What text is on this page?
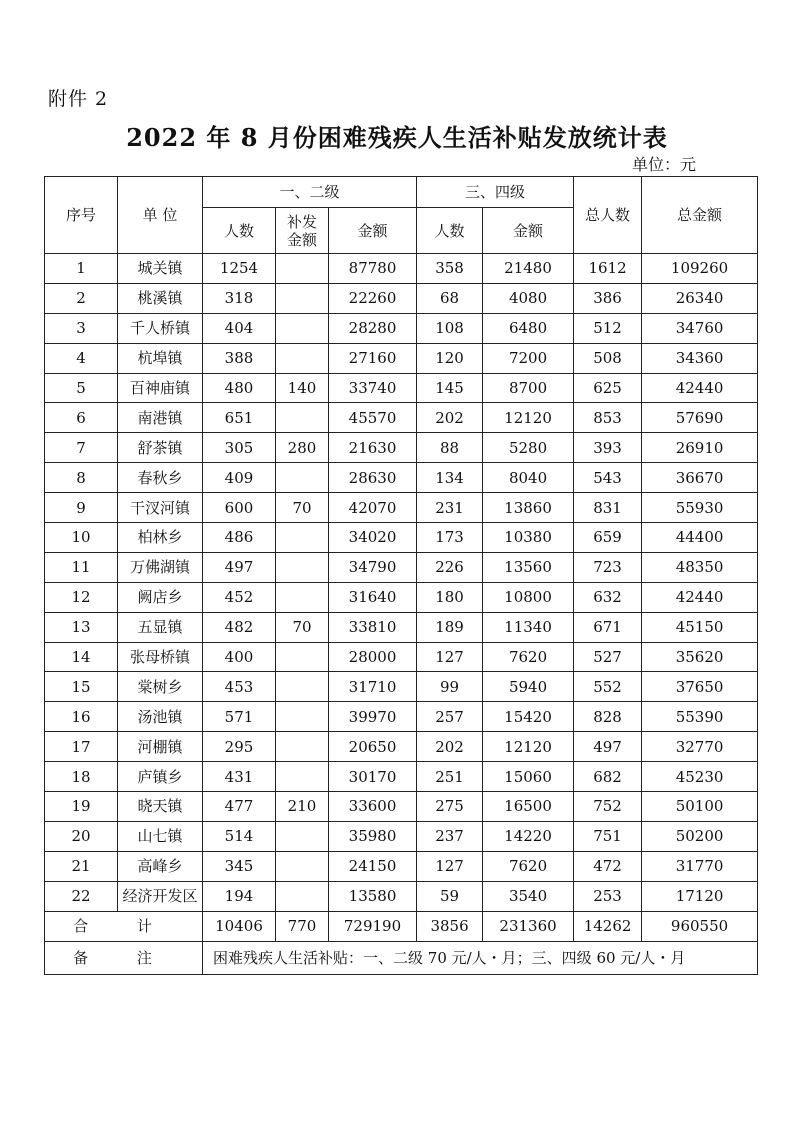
附件 2
2022 年 8 月份困难残疾人生活补贴发放统计表
单位：元
序号	单 位	一、二级			三、四级		总人数	总金额
		人数	补发金额	金额	人数	金额		
1	城关镇	1254		87780	358	21480	1612	109260
2	桃溪镇	318		22260	68	4080	386	26340
3	千人桥镇	404		28280	108	6480	512	34760
4	杭埠镇	388		27160	120	7200	508	34360
5	百神庙镇	480	140	33740	145	8700	625	42440
6	南港镇	651		45570	202	12120	853	57690
7	舒茶镇	305	280	21630	88	5280	393	26910
8	春秋乡	409		28630	134	8040	543	36670
9	干汊河镇	600	70	42070	231	13860	831	55930
10	柏林乡	486		34020	173	10380	659	44400
11	万佛湖镇	497		34790	226	13560	723	48350
12	阙店乡	452		31640	180	10800	632	42440
13	五显镇	482	70	33810	189	11340	671	45150
14	张母桥镇	400		28000	127	7620	527	35620
15	棠树乡	453		31710	99	5940	552	37650
16	汤池镇	571		39970	257	15420	828	55390
17	河棚镇	295		20650	202	12120	497	32770
18	庐镇乡	431		30170	251	15060	682	45230
19	晓天镇	477	210	33600	275	16500	752	50100
20	山七镇	514		35980	237	14220	751	50200
21	高峰乡	345		24150	127	7620	472	31770
22	经济开发区	194		13580	59	3540	253	17120
合 计		10406	770	729190	3856	231360	14262	960550
备 注		困难残疾人生活补贴：一、二级 70 元/人・月；三、四级 60 元/人・月						
